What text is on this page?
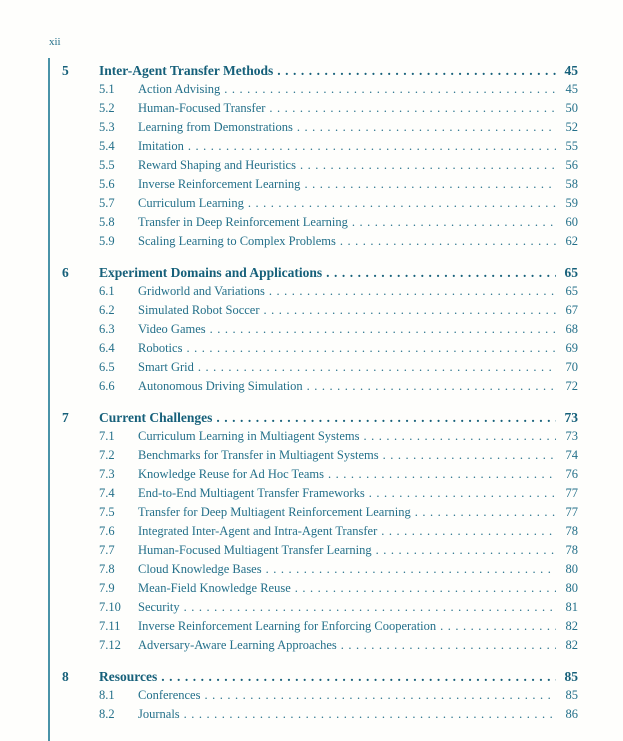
xii
5	Inter-Agent Transfer Methods .....	45
5.1	Action Advising .....	45
5.2	Human-Focused Transfer .....	50
5.3	Learning from Demonstrations .....	52
5.4	Imitation .....	55
5.5	Reward Shaping and Heuristics .....	56
5.6	Inverse Reinforcement Learning .....	58
5.7	Curriculum Learning .....	59
5.8	Transfer in Deep Reinforcement Learning .....	60
5.9	Scaling Learning to Complex Problems .....	62
6	Experiment Domains and Applications .....	65
6.1	Gridworld and Variations .....	65
6.2	Simulated Robot Soccer .....	67
6.3	Video Games .....	68
6.4	Robotics .....	69
6.5	Smart Grid .....	70
6.6	Autonomous Driving Simulation .....	72
7	Current Challenges .....	73
7.1	Curriculum Learning in Multiagent Systems .....	73
7.2	Benchmarks for Transfer in Multiagent Systems .....	74
7.3	Knowledge Reuse for Ad Hoc Teams .....	76
7.4	End-to-End Multiagent Transfer Frameworks .....	77
7.5	Transfer for Deep Multiagent Reinforcement Learning .....	77
7.6	Integrated Inter-Agent and Intra-Agent Transfer .....	78
7.7	Human-Focused Multiagent Transfer Learning .....	78
7.8	Cloud Knowledge Bases .....	80
7.9	Mean-Field Knowledge Reuse .....	80
7.10	Security .....	81
7.11	Inverse Reinforcement Learning for Enforcing Cooperation .....	82
7.12	Adversary-Aware Learning Approaches .....	82
8	Resources .....	85
8.1	Conferences .....	85
8.2	Journals .....	86
